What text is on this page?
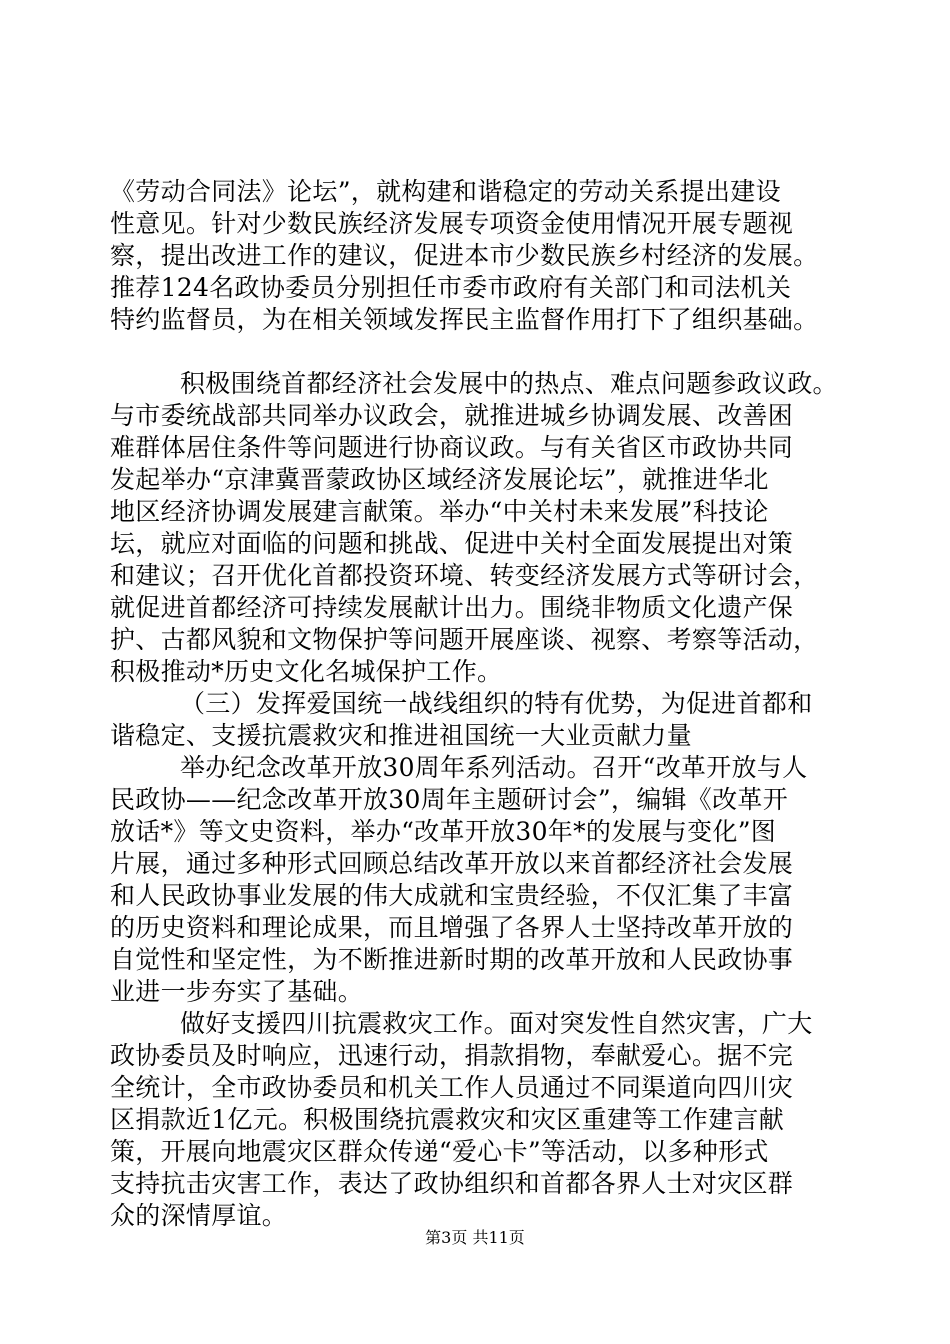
《劳动合同法》论坛”，就构建和谐稳定的劳动关系提出建设
性意见。针对少数民族经济发展专项资金使用情况开展专题视
察，提出改进工作的建议，促进本市少数民族乡村经济的发展。
推荐124名政协委员分别担任市委市政府有关部门和司法机关
特约监督员，为在相关领域发挥民主监督作用打下了组织基础。
积极围绕首都经济社会发展中的热点、难点问题参政议政。
与市委统战部共同举办议政会，就推进城乡协调发展、改善困
难群体居住条件等问题进行协商议政。与有关省区市政协共同
发起举办“京津冀晋蒙政协区域经济发展论坛”，就推进华北
地区经济协调发展建言献策。举办“中关村未来发展”科技论
坛，就应对面临的问题和挑战、促进中关村全面发展提出对策
和建议；召开优化首都投资环境、转变经济发展方式等研讨会，
就促进首都经济可持续发展献计出力。围绕非物质文化遗产保
护、古都风貌和文物保护等问题开展座谈、视察、考察等活动，
积极推动*历史文化名城保护工作。
（三）发挥爱国统一战线组织的特有优势，为促进首都和
谐稳定、支援抗震救灾和推进祖国统一大业贡献力量
举办纪念改革开放30周年系列活动。召开“改革开放与人
民政协——纪念改革开放30周年主题研讨会”，编辑《改革开
放话*》等文史资料，举办“改革开放30年*的发展与变化”图
片展，通过多种形式回顾总结改革开放以来首都经济社会发展
和人民政协事业发展的伟大成就和宝贵经验，不仅汇集了丰富
的历史资料和理论成果，而且增强了各界人士坚持改革开放的
自觉性和坚定性，为不断推进新时期的改革开放和人民政协事
业进一步夯实了基础。
做好支援四川抗震救灾工作。面对突发性自然灾害，广大
政协委员及时响应，迅速行动，捐款捐物，奉献爱心。据不完
全统计，全市政协委员和机关工作人员通过不同渠道向四川灾
区捐款近1亿元。积极围绕抗震救灾和灾区重建等工作建言献
策，开展向地震灾区群众传递“爱心卡”等活动，以多种形式
支持抗击灾害工作，表达了政协组织和首都各界人士对灾区群
众的深情厚谊。
第3页 共11页
